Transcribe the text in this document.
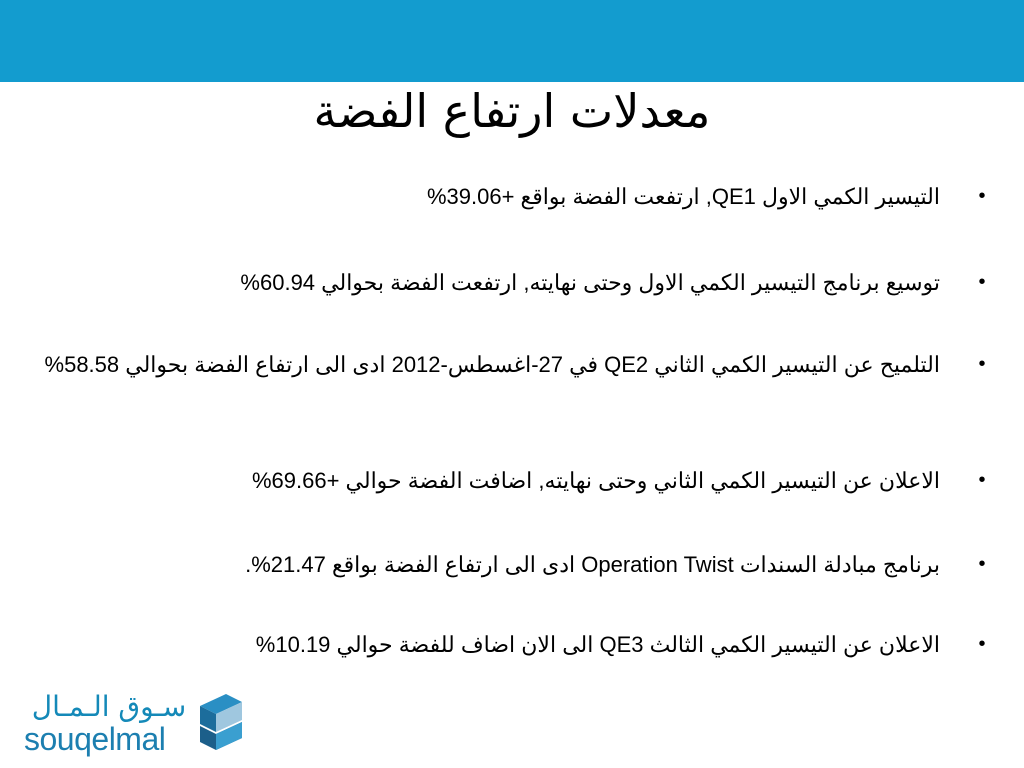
معدلات ارتفاع الفضة
•
التيسير الكمي الاول QE1, ارتفعت الفضة بواقع +39.06%
•
توسيع برنامج التيسير الكمي الاول وحتى نهايته, ارتفعت الفضة بحوالي 60.94%
•
التلميح عن التيسير الكمي الثاني QE2 في 27-اغسطس-2012 ادى الى ارتفاع الفضة بحوالي 58.58%
•
الاعلان عن التيسير الكمي الثاني وحتى نهايته, اضافت الفضة حوالي +69.66%
•
برنامج مبادلة السندات Operation Twist ادى الى ارتفاع الفضة بواقع 21.47%.
•
الاعلان عن التيسير الكمي الثالث QE3 الى الان اضاف للفضة حوالي 10.19%
سـوق الـمـال
souqelmal
